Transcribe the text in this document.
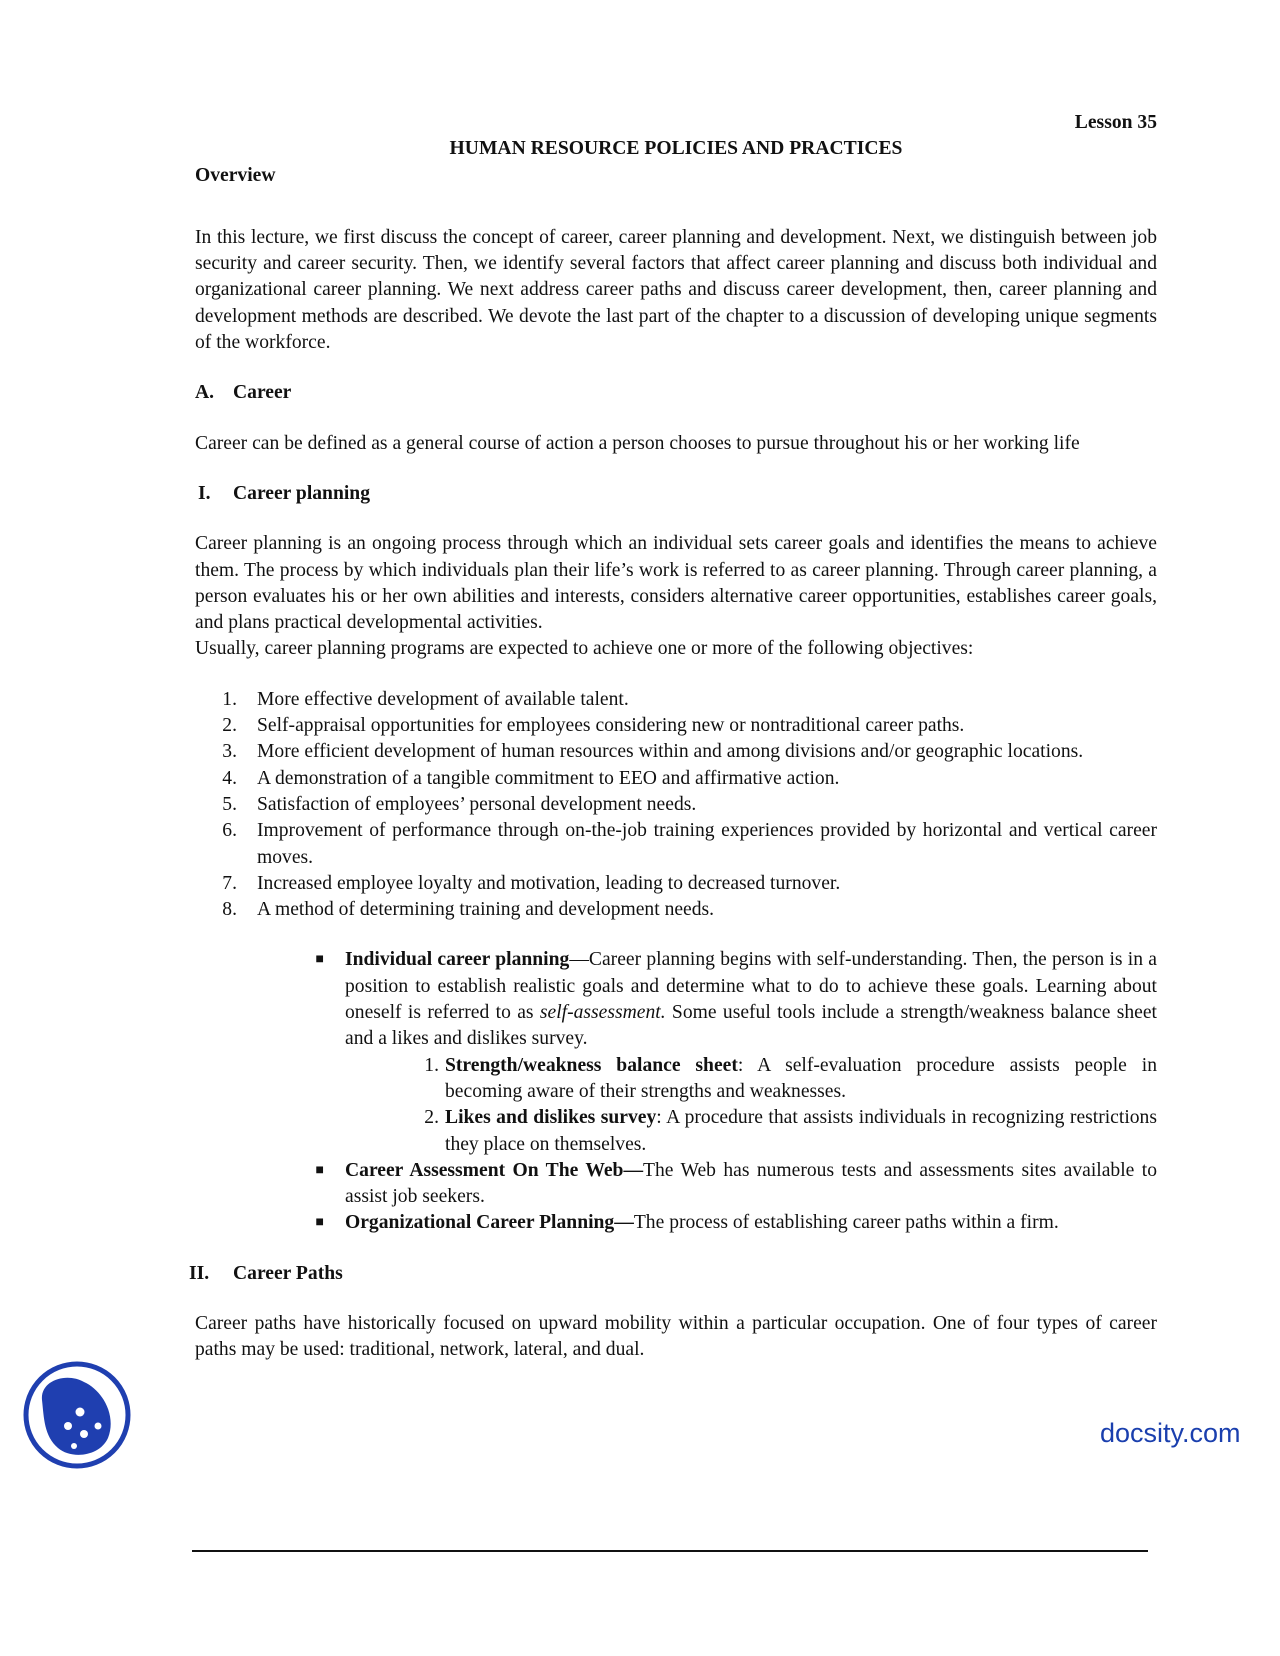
Lesson 35

HUMAN RESOURCE POLICIES AND PRACTICES

Overview

In this lecture, we first discuss the concept of career, career planning and development. Next, we distinguish between job security and career security. Then, we identify several factors that affect career planning and discuss both individual and organizational career planning. We next address career paths and discuss career development, then, career planning and development methods are described. We devote the last part of the chapter to a discussion of developing unique segments of the workforce.

A. Career

Career can be defined as a general course of action a person chooses to pursue throughout his or her working life

I.	Career planning

Career planning is an ongoing process through which an individual sets career goals and identifies the means to achieve them. The process by which individuals plan their life’s work is referred to as career planning. Through career planning, a person evaluates his or her own abilities and interests, considers alternative career opportunities, establishes career goals, and plans practical developmental activities.

Usually, career planning programs are expected to achieve one or more of the following objectives:

1. More effective development of available talent.
2. Self-appraisal opportunities for employees considering new or nontraditional career paths.
3. More efficient development of human resources within and among divisions and/or geographic locations.
4. A demonstration of a tangible commitment to EEO and affirmative action.
5. Satisfaction of employees’ personal development needs.
6. Improvement of performance through on-the-job training experiences provided by horizontal and vertical career moves.
7. Increased employee loyalty and motivation, leading to decreased turnover.
8. A method of determining training and development needs.
■	Individual career planning—Career planning begins with self-understanding. Then, the person is in a position to establish realistic goals and determine what to do to achieve these goals. Learning about oneself is referred to as self-assessment. Some useful tools include a strength/weakness balance sheet and a likes and dislikes survey.
1. Strength/weakness balance sheet: A self-evaluation procedure assists people in becoming aware of their strengths and weaknesses.
2. Likes and dislikes survey: A procedure that assists individuals in recognizing restrictions they place on themselves.
■	Career Assessment On The Web—The Web has numerous tests and assessments sites available to assist job seekers.
■	Organizational Career Planning—The process of establishing career paths within a firm.
II.	Career Paths

Career paths have historically focused on upward mobility within a particular occupation. One of four types of career paths may be used: traditional, network, lateral, and dual.

docsity.com
